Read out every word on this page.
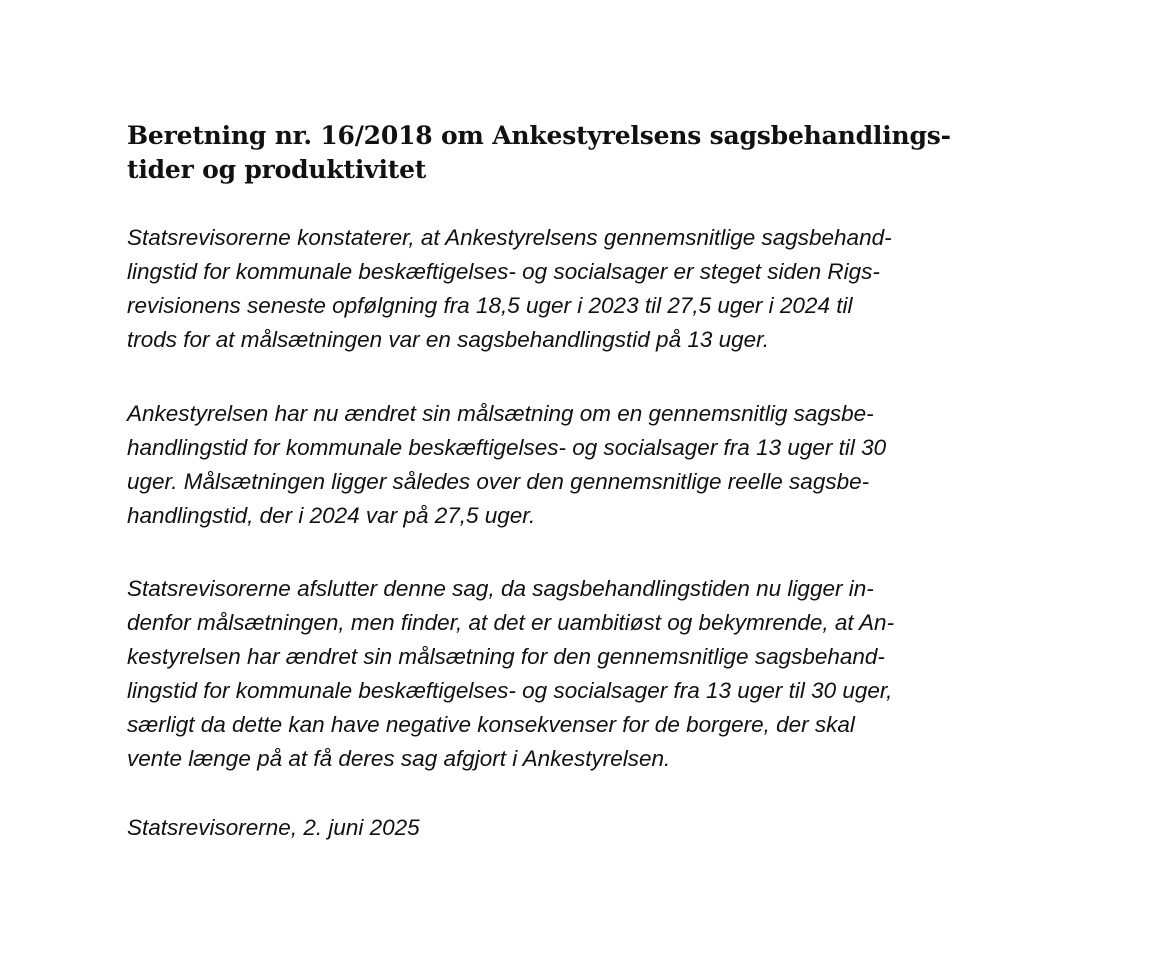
Beretning nr. 16/2018 om Ankestyrelsens sagsbehandlings-
tider og produktivitet

Statsrevisorerne konstaterer, at Ankestyrelsens gennemsnitlige sagsbehand-
lingstid for kommunale beskæftigelses- og socialsager er steget siden Rigs-
revisionens seneste opfølgning fra 18,5 uger i 2023 til 27,5 uger i 2024 til
trods for at målsætningen var en sagsbehandlingstid på 13 uger.

Ankestyrelsen har nu ændret sin målsætning om en gennemsnitlig sagsbe-
handlingstid for kommunale beskæftigelses- og socialsager fra 13 uger til 30
uger. Målsætningen ligger således over den gennemsnitlige reelle sagsbe-
handlingstid, der i 2024 var på 27,5 uger.

Statsrevisorerne afslutter denne sag, da sagsbehandlingstiden nu ligger in-
denfor målsætningen, men finder, at det er uambitiøst og bekymrende, at An-
kestyrelsen har ændret sin målsætning for den gennemsnitlige sagsbehand-
lingstid for kommunale beskæftigelses- og socialsager fra 13 uger til 30 uger,
særligt da dette kan have negative konsekvenser for de borgere, der skal
vente længe på at få deres sag afgjort i Ankestyrelsen.

Statsrevisorerne, 2. juni 2025
